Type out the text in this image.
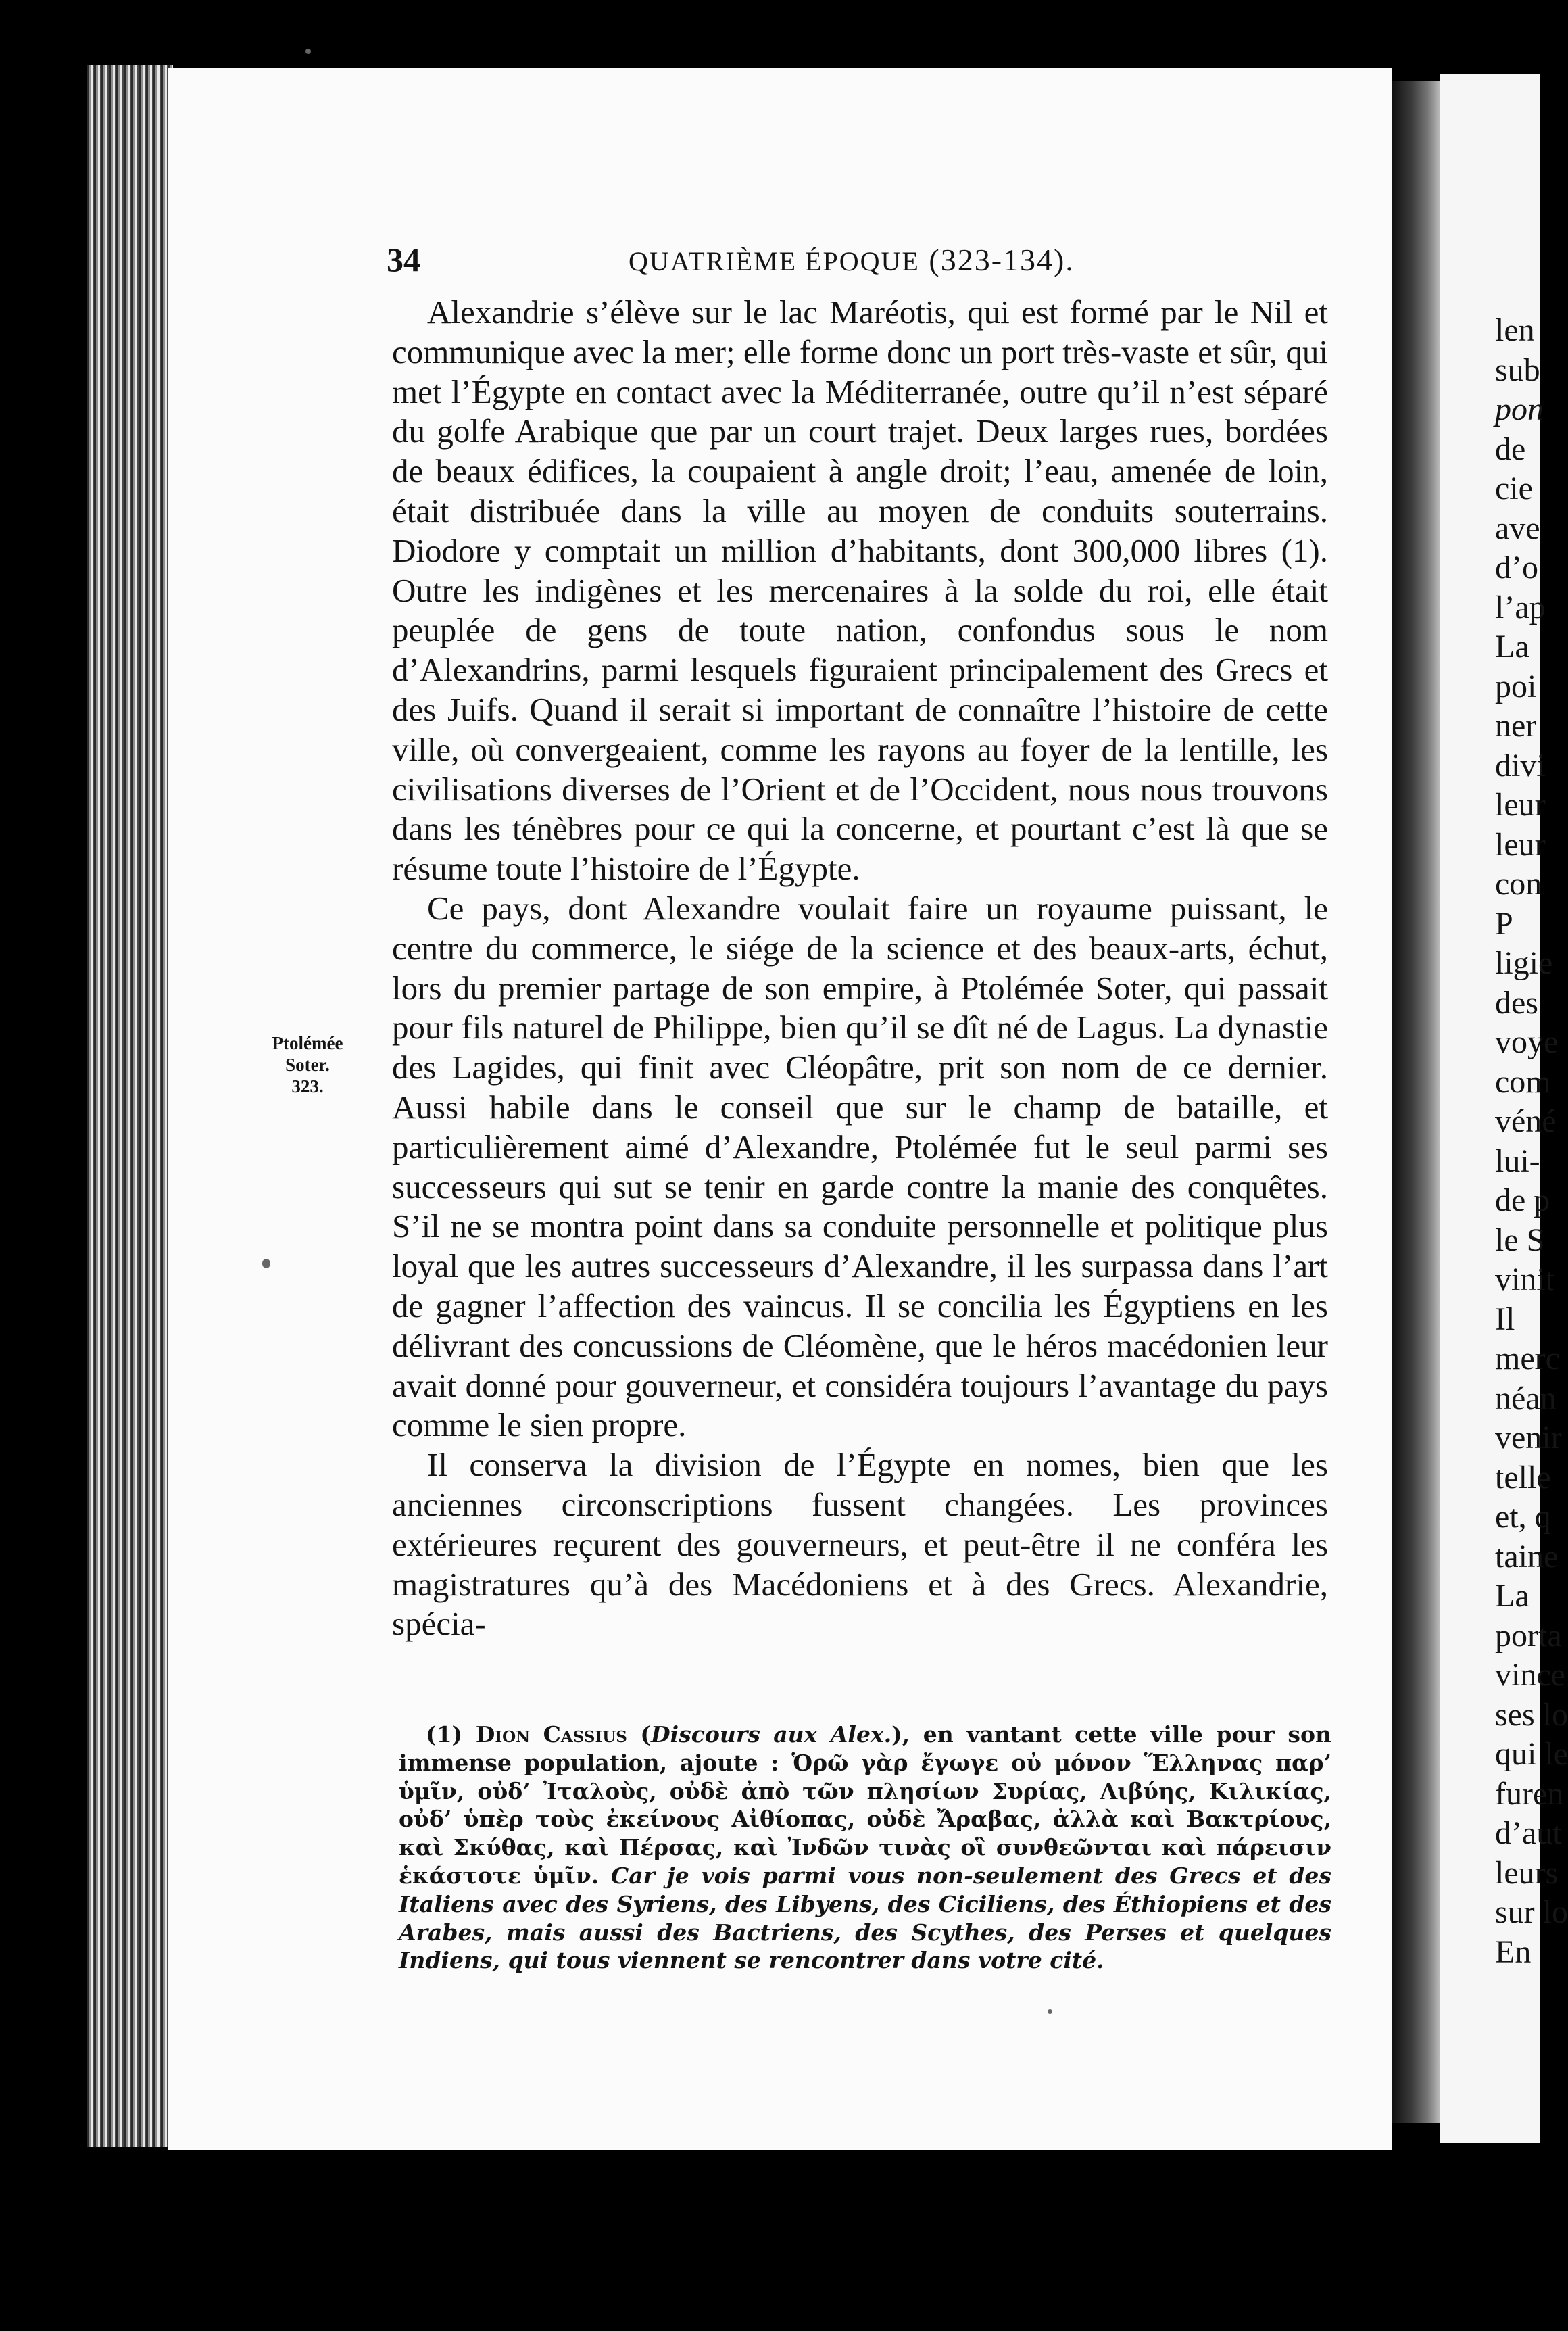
len
sub
pon
de
cie
ave
d’o
l’ap
La
poi
ner
divi
leur
leur
con
P
ligie
des
voye
com
véné
lui-
de p
le S
vinit
Il
merc
néan
venir
telle
et, q
taine
La
porta
vince
ses lo
qui le
furen
d’aut
leurs
sur lo
En
34	QUATRIÈME ÉPOQUE (323-134).
Ptolémée
Soter.
323.

Alexandrie s’élève sur le lac Maréotis, qui est formé par le Nil et communique avec la mer; elle forme donc un port très-vaste et sûr, qui met l’Égypte en contact avec la Méditerranée, outre qu’il n’est séparé du golfe Arabique que par un court trajet. Deux larges rues, bordées de beaux édifices, la coupaient à angle droit; l’eau, amenée de loin, était distribuée dans la ville au moyen de conduits souterrains. Diodore y comptait un million d’habitants, dont 300,000 libres (1). Outre les indigènes et les mercenaires à la solde du roi, elle était peuplée de gens de toute nation, confondus sous le nom d’Alexandrins, parmi lesquels figuraient principalement des Grecs et des Juifs. Quand il serait si important de connaître l’histoire de cette ville, où convergeaient, comme les rayons au foyer de la lentille, les civilisations diverses de l’Orient et de l’Occident, nous nous trouvons dans les ténèbres pour ce qui la concerne, et pourtant c’est là que se résume toute l’histoire de l’Égypte.

Ce pays, dont Alexandre voulait faire un royaume puissant, le centre du commerce, le siége de la science et des beaux-arts, échut, lors du premier partage de son empire, à Ptolémée Soter, qui passait pour fils naturel de Philippe, bien qu’il se dît né de Lagus. La dynastie des Lagides, qui finit avec Cléopâtre, prit son nom de ce dernier. Aussi habile dans le conseil que sur le champ de bataille, et particulièrement aimé d’Alexandre, Ptolémée fut le seul parmi ses successeurs qui sut se tenir en garde contre la manie des conquêtes. S’il ne se montra point dans sa conduite personnelle et politique plus loyal que les autres successeurs d’Alexandre, il les surpassa dans l’art de gagner l’affection des vaincus. Il se concilia les Égyptiens en les délivrant des concussions de Cléomène, que le héros macédonien leur avait donné pour gouverneur, et considéra toujours l’avantage du pays comme le sien propre.

Il conserva la division de l’Égypte en nomes, bien que les anciennes circonscriptions fussent changées. Les provinces extérieures reçurent des gouverneurs, et peut-être il ne conféra les magistratures qu’à des Macédoniens et à des Grecs. Alexandrie, spécia-

(1) Dion Cassius (Discours aux Alex.), en vantant cette ville pour son immense population, ajoute : Ὁρῶ γὰρ ἔγωγε οὐ μόνον Ἕλληνας παρ’ ὑμῖν, οὐδ’ Ἰταλοὺς, οὐδὲ ἀπὸ τῶν πλησίων Συρίας, Λιβύης, Κιλικίας, οὐδ’ ὑπὲρ τοὺς ἐκείνους Αἰθίοπας, οὐδὲ Ἄραβας, ἀλλὰ καὶ Βακτρίους, καὶ Σκύθας, καὶ Πέρσας, καὶ Ἰνδῶν τινὰς οἳ συνθεῶνται καὶ πάρεισιν ἑκάστοτε ὑμῖν. Car je vois parmi vous non-seulement des Grecs et des Italiens avec des Syriens, des Libyens, des Ciciliens, des Éthiopiens et des Arabes, mais aussi des Bactriens, des Scythes, des Perses et quelques Indiens, qui tous viennent se rencontrer dans votre cité.
